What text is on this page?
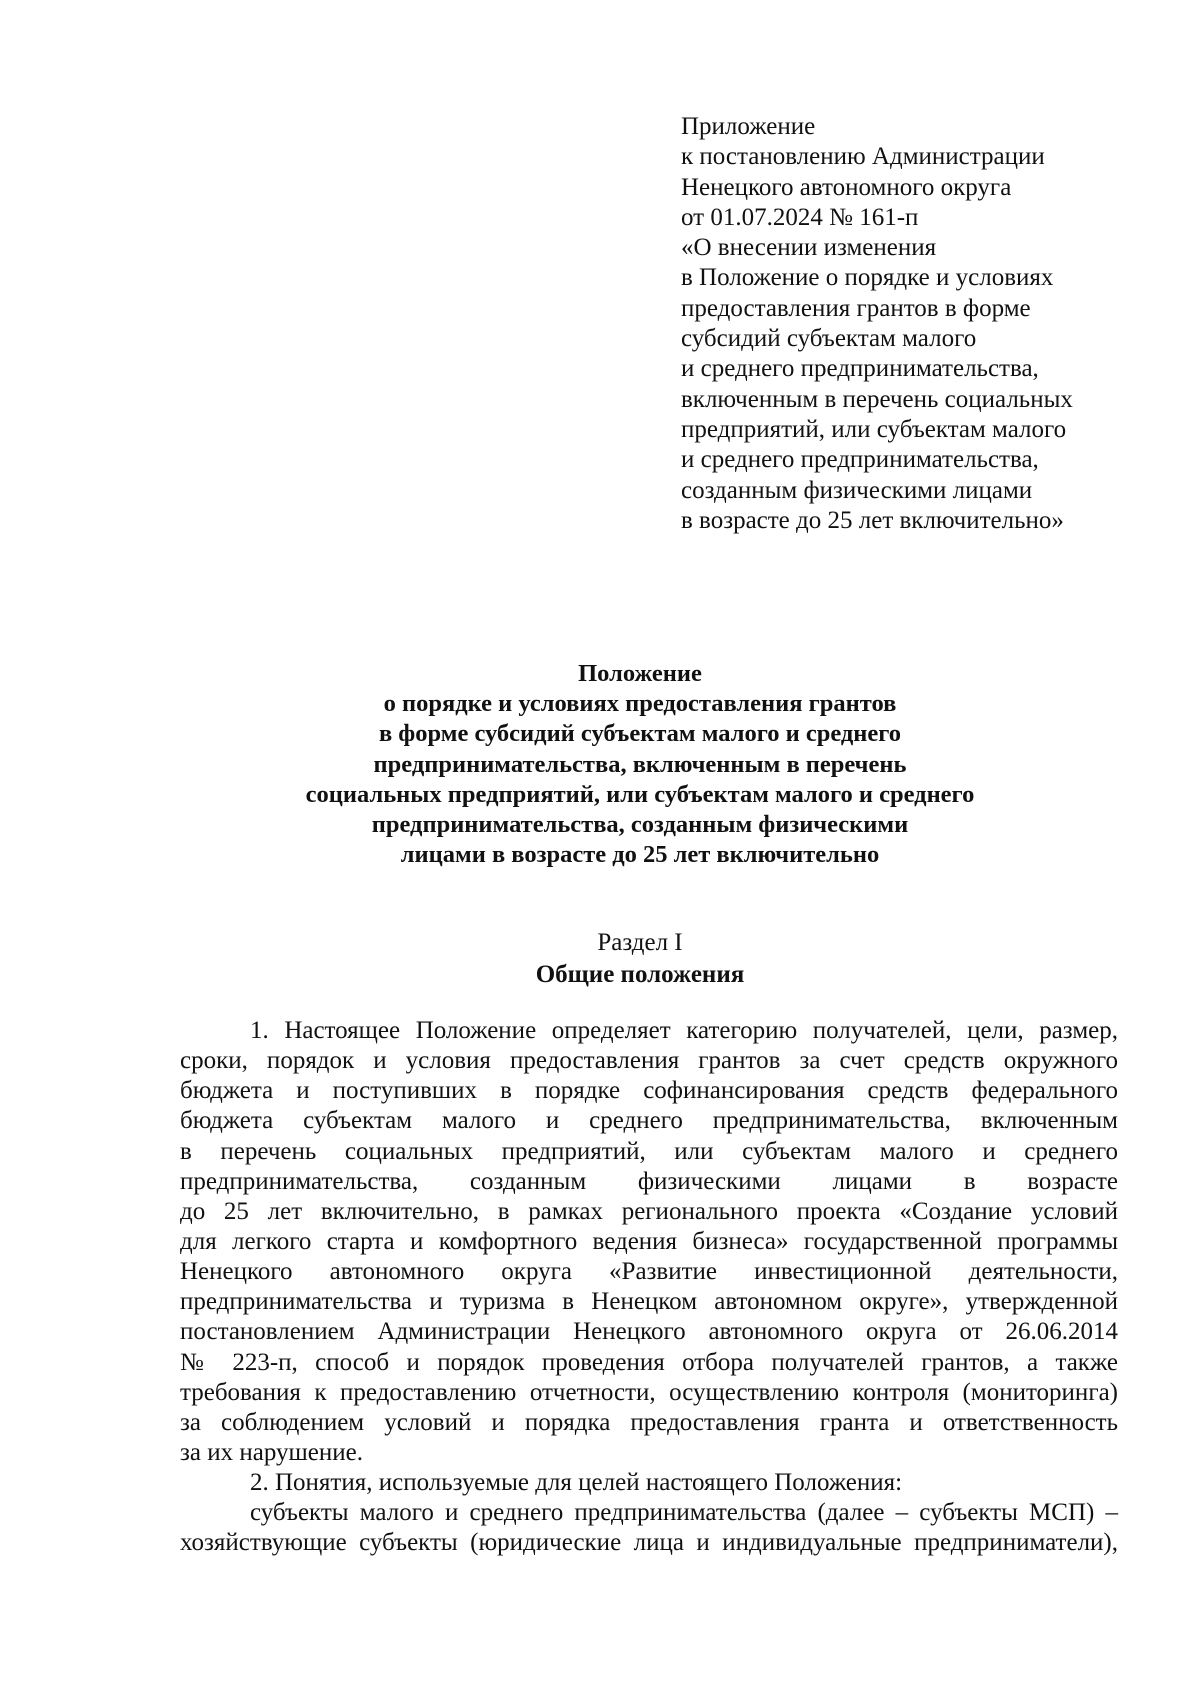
Приложение
к постановлению Администрации
Ненецкого автономного округа
от 01.07.2024 № 161-п
«О внесении изменения
в Положение о порядке и условиях
предоставления грантов в форме
субсидий субъектам малого
и среднего предпринимательства,
включенным в перечень социальных
предприятий, или субъектам малого
и среднего предпринимательства,
созданным физическими лицами
в возрасте до 25 лет включительно»
Положение
о порядке и условиях предоставления грантов
в форме субсидий субъектам малого и среднего
предпринимательства, включенным в перечень
социальных предприятий, или субъектам малого и среднего
предпринимательства, созданным физическими
лицами в возрасте до 25 лет включительно
Раздел I
Общие положения
1. Настоящее Положение определяет категорию получателей, цели, размер,
сроки, порядок и условия предоставления грантов за счет средств окружного
бюджета и поступивших в порядке софинансирования средств федерального
бюджета субъектам малого и среднего предпринимательства, включенным
в перечень социальных предприятий, или субъектам малого и среднего
предпринимательства, созданным физическими лицами в возрасте
до 25 лет включительно, в рамках регионального проекта «Создание условий
для легкого старта и комфортного ведения бизнеса» государственной программы
Ненецкого автономного округа «Развитие инвестиционной деятельности,
предпринимательства и туризма в Ненецком автономном округе», утвержденной
постановлением Администрации Ненецкого автономного округа от 26.06.2014
№ 223-п, способ и порядок проведения отбора получателей грантов, а также
требования к предоставлению отчетности, осуществлению контроля (мониторинга)
за соблюдением условий и порядка предоставления гранта и ответственность
за их нарушение.
2. Понятия, используемые для целей настоящего Положения:
субъекты малого и среднего предпринимательства (далее – субъекты МСП) –
хозяйствующие субъекты (юридические лица и индивидуальные предприниматели),
